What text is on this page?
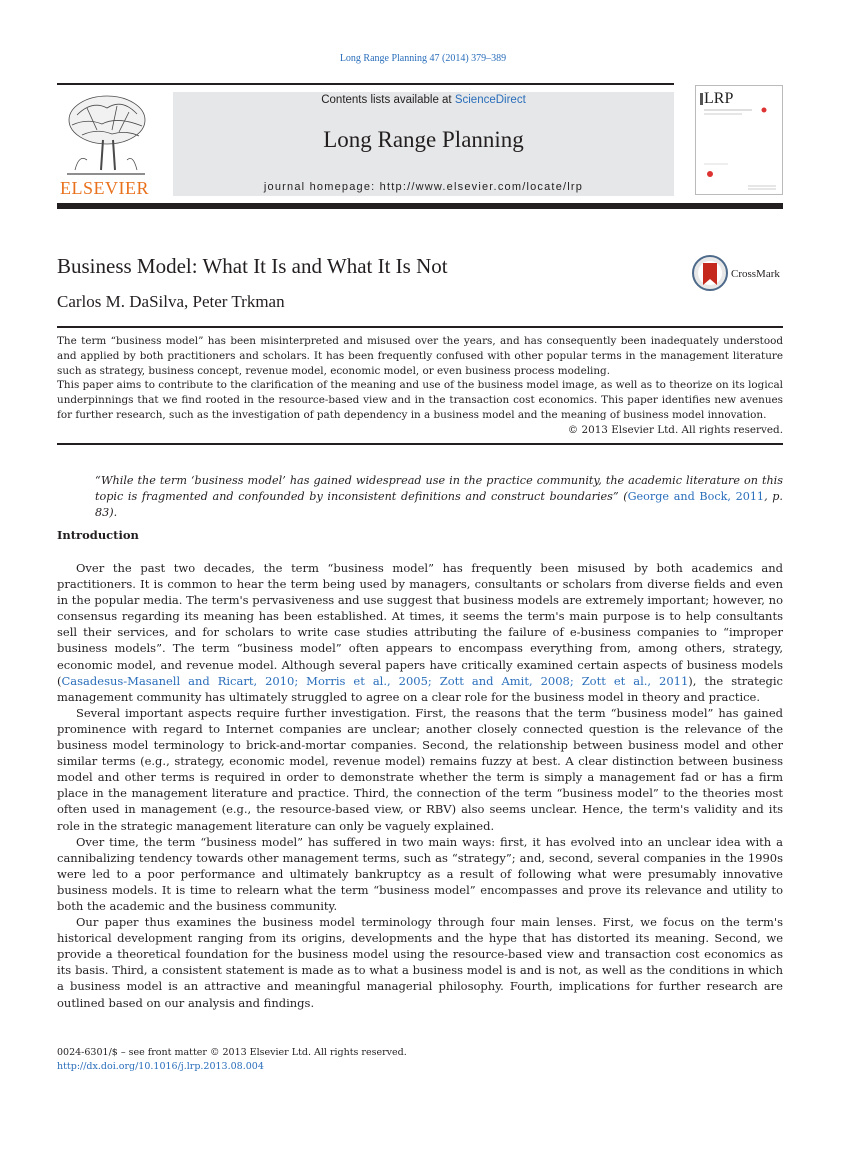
Long Range Planning 47 (2014) 379–389
ELSEVIER
Contents lists available at ScienceDirect
Long Range Planning
journal homepage: http://www.elsevier.com/locate/lrp
LRP
Business Model: What It Is and What It Is Not	CrossMark
Carlos M. DaSilva, Peter Trkman

The term “business model” has been misinterpreted and misused over the years, and has consequently been inadequately understood and applied by both practitioners and scholars. It has been frequently confused with other popular terms in the management literature such as strategy, business concept, revenue model, economic model, or even business process modeling.

This paper aims to contribute to the clarification of the meaning and use of the business model image, as well as to theorize on its logical underpinnings that we find rooted in the resource-based view and in the transaction cost economics. This paper identifies new avenues for further research, such as the investigation of path dependency in a business model and the meaning of business model innovation.

© 2013 Elsevier Ltd. All rights reserved.

“While the term ‘business model’ has gained widespread use in the practice community, the academic literature on this topic is fragmented and confounded by inconsistent definitions and construct boundaries” (George and Bock, 2011, p. 83).
Introduction

Over the past two decades, the term “business model” has frequently been misused by both academics and practitioners. It is common to hear the term being used by managers, consultants or scholars from diverse fields and even in the popular media. The term's pervasiveness and use suggest that business models are extremely important; however, no consensus regarding its meaning has been established. At times, it seems the term's main purpose is to help consultants sell their services, and for scholars to write case studies attributing the failure of e-business companies to “improper business models”. The term “business model” often appears to encompass everything from, among others, strategy, economic model, and revenue model. Although several papers have critically examined certain aspects of business models (Casadesus-Masanell and Ricart, 2010; Morris et al., 2005; Zott and Amit, 2008; Zott et al., 2011), the strategic management community has ultimately struggled to agree on a clear role for the business model in theory and practice.

Several important aspects require further investigation. First, the reasons that the term “business model” has gained prominence with regard to Internet companies are unclear; another closely connected question is the relevance of the business model terminology to brick-and-mortar companies. Second, the relationship between business model and other similar terms (e.g., strategy, economic model, revenue model) remains fuzzy at best. A clear distinction between business model and other terms is required in order to demonstrate whether the term is simply a management fad or has a firm place in the management literature and practice. Third, the connection of the term “business model” to the theories most often used in management (e.g., the resource-based view, or RBV) also seems unclear. Hence, the term's validity and its role in the strategic management literature can only be vaguely explained.

Over time, the term “business model” has suffered in two main ways: first, it has evolved into an unclear idea with a cannibalizing tendency towards other management terms, such as “strategy”; and, second, several companies in the 1990s were led to a poor performance and ultimately bankruptcy as a result of following what were presumably innovative business models. It is time to relearn what the term “business model” encompasses and prove its relevance and utility to both the academic and the business community.

Our paper thus examines the business model terminology through four main lenses. First, we focus on the term's historical development ranging from its origins, developments and the hype that has distorted its meaning. Second, we provide a theoretical foundation for the business model using the resource-based view and transaction cost economics as its basis. Third, a consistent statement is made as to what a business model is and is not, as well as the conditions in which a business model is an attractive and meaningful managerial philosophy. Fourth, implications for further research are outlined based on our analysis and findings.

0024-6301/$ – see front matter © 2013 Elsevier Ltd. All rights reserved.
http://dx.doi.org/10.1016/j.lrp.2013.08.004
